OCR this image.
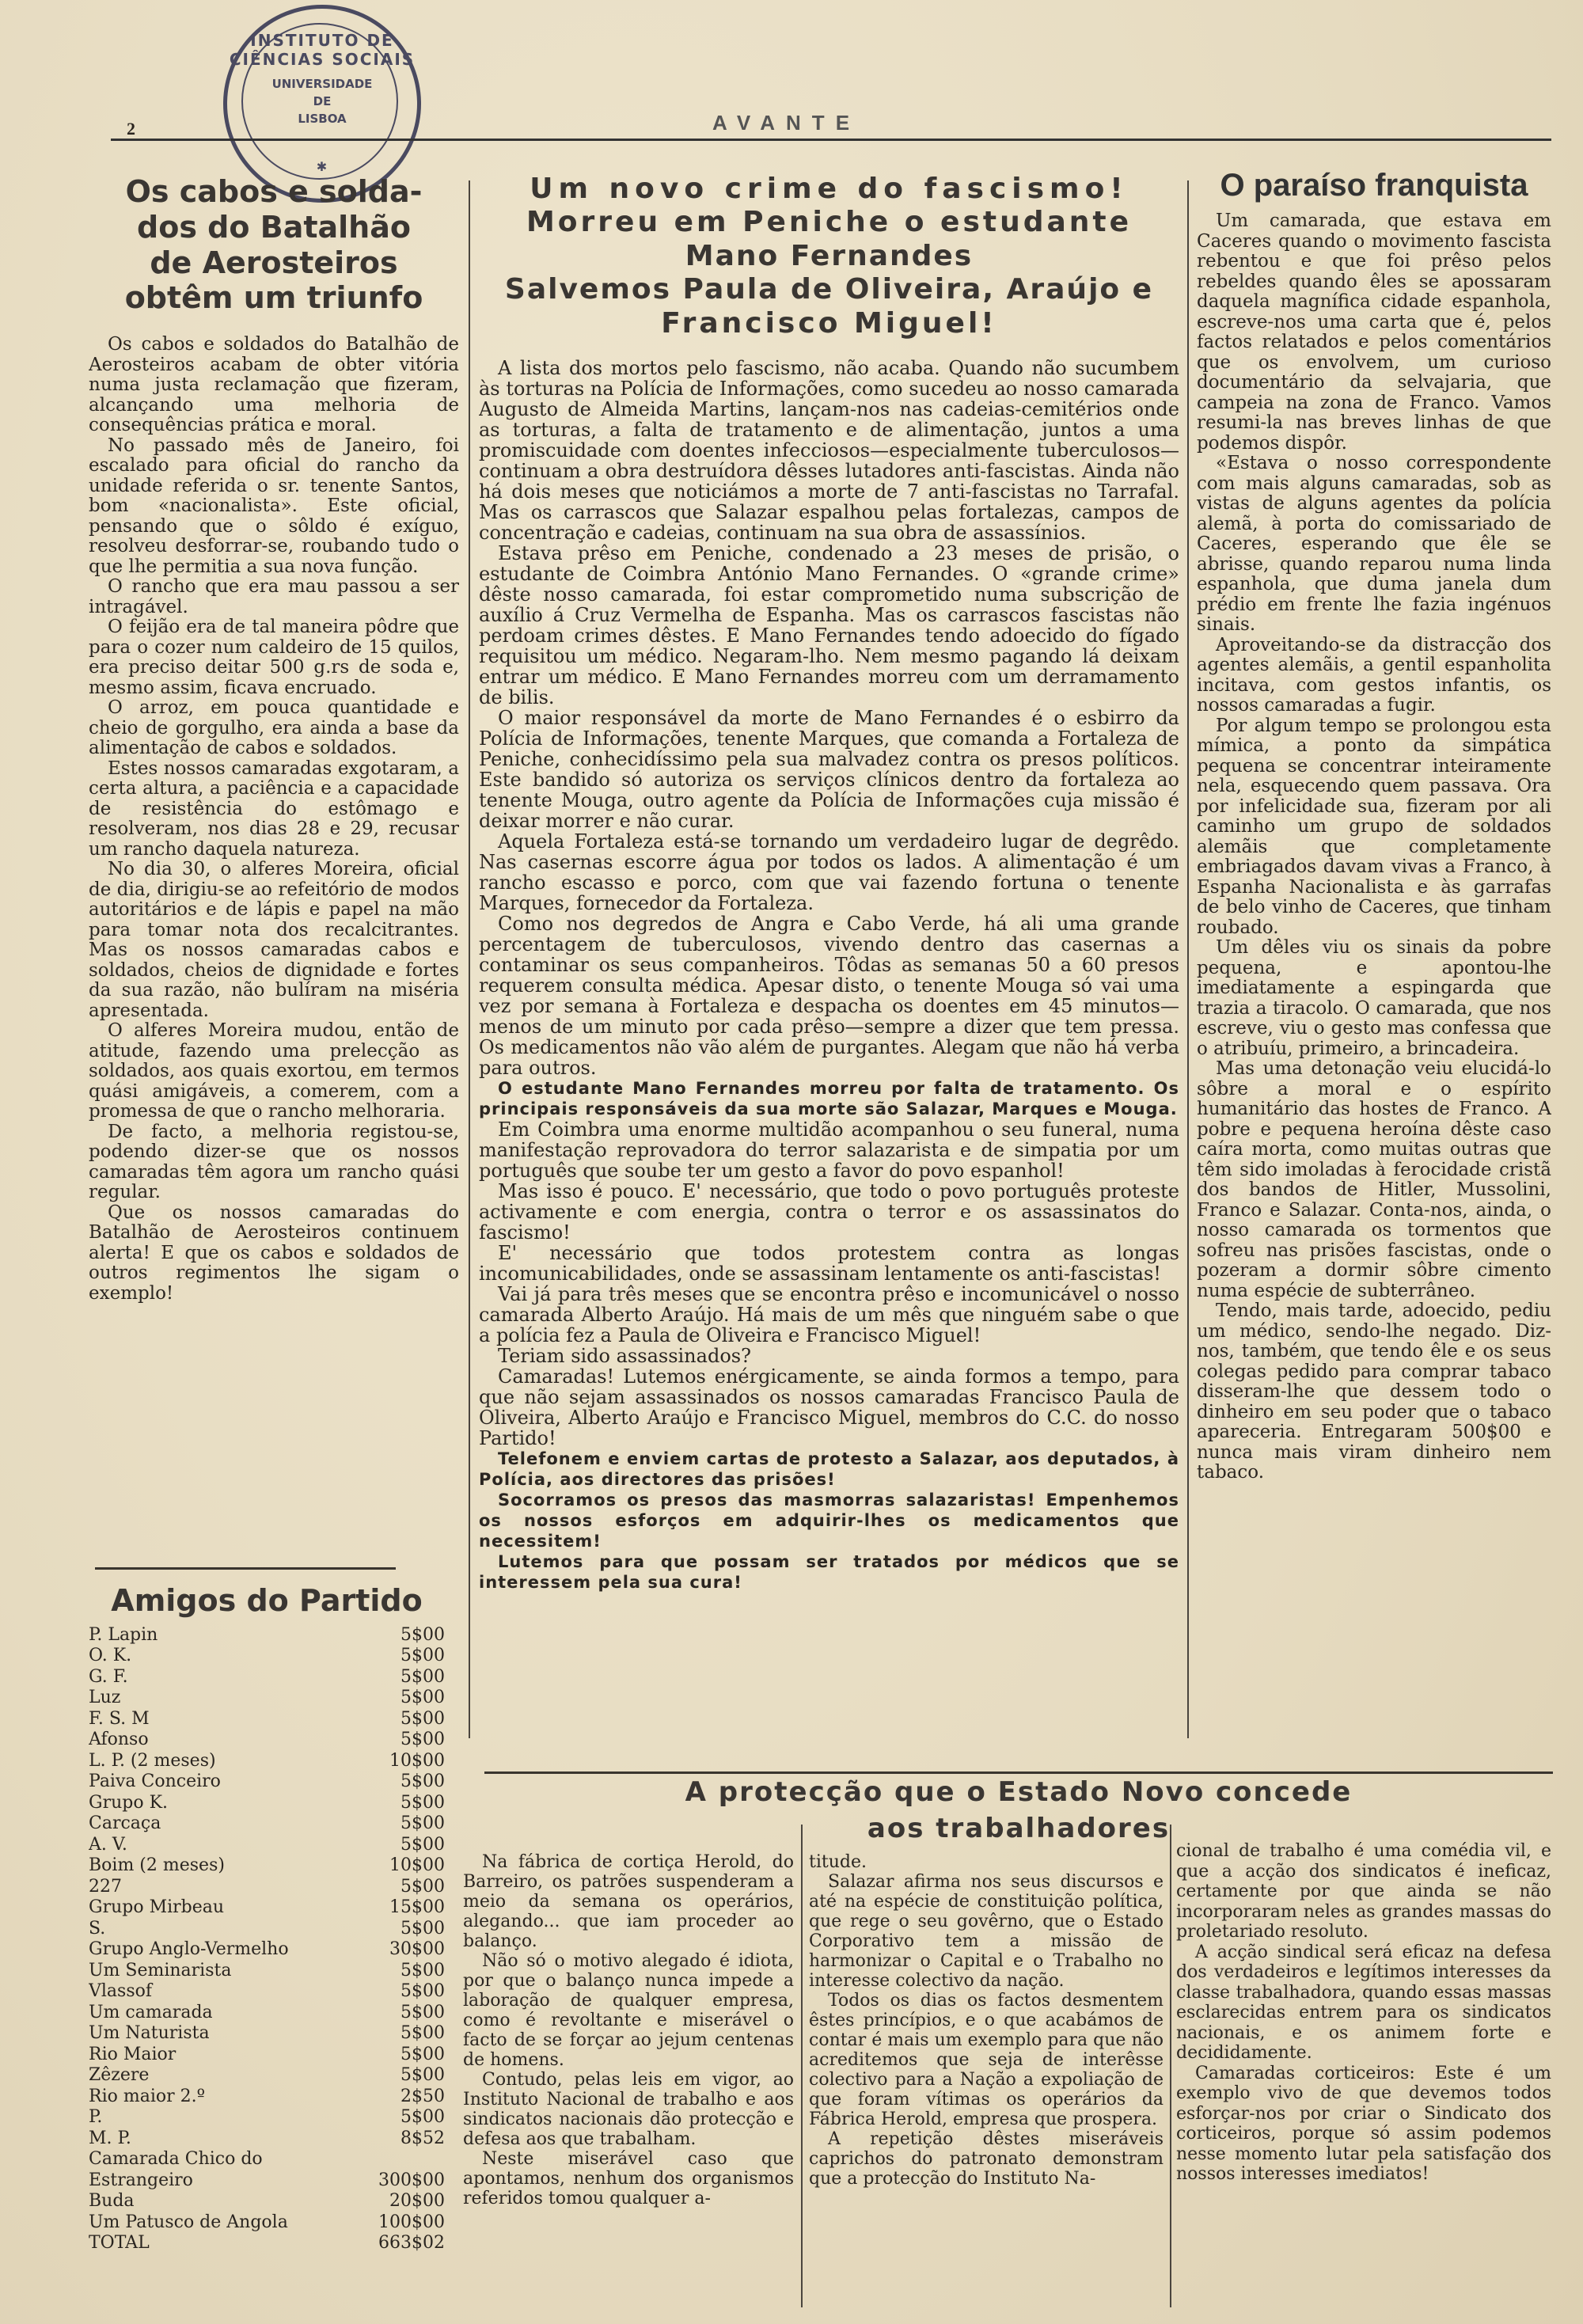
INSTITUTO DE CIÊNCIAS SOCIAIS
UNIVERSIDADE
DE
LISBOA
✱
2	AVANTE
Os cabos e solda-
dos do Batalhão
de Aerosteiros
obtêm um triunfo

Os cabos e soldados do Batalhão de Aerosteiros acabam de obter vitória numa justa reclamação que fizeram, alcançando uma melhoria de consequências prática e moral.

No passado mês de Janeiro, foi escalado para oficial do rancho da unidade referida o sr. tenente Santos, bom «nacionalista». Este oficial, pensando que o sôldo é exíguo, resolveu desforrar-se, roubando tudo o que lhe permitia a sua nova função.

O rancho que era mau passou a ser intragável.

O feijão era de tal maneira pôdre que para o cozer num caldeiro de 15 quilos, era preciso deitar 500 g.rs de soda e, mesmo assim, ficava encruado.

O arroz, em pouca quantidade e cheio de gorgulho, era ainda a base da alimentação de cabos e soldados.

Estes nossos camaradas exgotaram, a certa altura, a paciência e a capacidade de resistência do estômago e resolveram, nos dias 28 e 29, recusar um rancho daquela natureza.

No dia 30, o alferes Moreira, oficial de dia, dirigiu-se ao refeitório de modos autoritários e de lápis e papel na mão para tomar nota dos recalcitrantes. Mas os nossos camaradas cabos e soldados, cheios de dignidade e fortes da sua razão, não bulíram na miséria apresentada.

O alferes Moreira mudou, então de atitude, fazendo uma prelecção as soldados, aos quais exortou, em termos quási amigáveis, a comerem, com a promessa de que o rancho melhoraria.

De facto, a melhoria registou-se, podendo dizer-se que os nossos camaradas têm agora um rancho quási regular.

Que os nossos camaradas do Batalhão de Aerosteiros continuem alerta! E que os cabos e soldados de outros regimentos lhe sigam o exemplo!

Amigos do Partido
P. Lapin	5$00
O. K.	5$00
G. F.	5$00
Luz	5$00
F. S. M	5$00
Afonso	5$00
L. P. (2 meses)	10$00
Paiva Conceiro	5$00
Grupo K.	5$00
Carcaça	5$00
A. V.	5$00
Boim (2 meses)	10$00
227	5$00
Grupo Mirbeau	15$00
S.	5$00
Grupo Anglo-Vermelho	30$00
Um Seminarista	5$00
Vlassof	5$00
Um camarada	5$00
Um Naturista	5$00
Rio Maior	5$00
Zêzere	5$00
Rio maior 2.º	2$50
P.	5$00
M. P.	8$52
Camarada Chico do
Estrangeiro	300$00
Buda	20$00
Um Patusco de Angola	100$00
TOTAL	663$02
Um novo crime do fascismo!
Morreu em Peniche o estudante
Mano Fernandes
Salvemos Paula de Oliveira, Araújo e
Francisco Miguel!

A lista dos mortos pelo fascismo, não acaba. Quando não sucumbem às torturas na Polícia de Informações, como sucedeu ao nosso camarada Augusto de Almeida Martins, lançam-nos nas cadeias-cemitérios onde as torturas, a falta de tratamento e de alimentação, juntos a uma promiscuidade com doentes infecciosos—especialmente tuberculosos—continuam a obra destruídora dêsses lutadores anti-fascistas. Ainda não há dois meses que noticiámos a morte de 7 anti-fascistas no Tarrafal. Mas os carrascos que Salazar espalhou pelas fortalezas, campos de concentração e cadeias, continuam na sua obra de assassínios.

Estava prêso em Peniche, condenado a 23 meses de prisão, o estudante de Coimbra António Mano Fernandes. O «grande crime» dêste nosso camarada, foi estar comprometido numa subscrição de auxílio á Cruz Vermelha de Espanha. Mas os carrascos fascistas não perdoam crimes dêstes. E Mano Fernandes tendo adoecido do fígado requisitou um médico. Negaram-lho. Nem mesmo pagando lá deixam entrar um médico. E Mano Fernandes morreu com um derramamento de bilis.

O maior responsável da morte de Mano Fernandes é o esbirro da Polícia de Informações, tenente Marques, que comanda a Fortaleza de Peniche, conhecidíssimo pela sua malvadez contra os presos políticos. Este bandido só autoriza os serviços clínicos dentro da fortaleza ao tenente Mouga, outro agente da Polícia de Informações cuja missão é deixar morrer e não curar.

Aquela Fortaleza está-se tornando um verdadeiro lugar de degrêdo. Nas casernas escorre água por todos os lados. A alimentação é um rancho escasso e porco, com que vai fazendo fortuna o tenente Marques, fornecedor da Fortaleza.

Como nos degredos de Angra e Cabo Verde, há ali uma grande percentagem de tuberculosos, vivendo dentro das casernas a contaminar os seus companheiros. Tôdas as semanas 50 a 60 presos requerem consulta médica. Apesar disto, o tenente Mouga só vai uma vez por semana à Fortaleza e despacha os doentes em 45 minutos—menos de um minuto por cada prêso—sempre a dizer que tem pressa. Os medicamentos não vão além de purgantes. Alegam que não há verba para outros.

O estudante Mano Fernandes morreu por falta de tratamento. Os principais responsáveis da sua morte são Salazar, Marques e Mouga.

Em Coimbra uma enorme multidão acompanhou o seu funeral, numa manifestação reprovadora do terror salazarista e de simpatia por um português que soube ter um gesto a favor do povo espanhol!

Mas isso é pouco. E' necessário, que todo o povo português proteste activamente e com energia, contra o terror e os assassinatos do fascismo!

E' necessário que todos protestem contra as longas incomunicabilidades, onde se assassinam lentamente os anti-fascistas!

Vai já para três meses que se encontra prêso e incomunicável o nosso camarada Alberto Araújo. Há mais de um mês que ninguém sabe o que a polícia fez a Paula de Oliveira e Francisco Miguel!

Teriam sido assassinados?

Camaradas! Lutemos enérgicamente, se ainda formos a tempo, para que não sejam assassinados os nossos camaradas Francisco Paula de Oliveira, Alberto Araújo e Francisco Miguel, membros do C.C. do nosso Partido!

Telefonem e enviem cartas de protesto a Salazar, aos deputados, à Polícia, aos directores das prisões!

Socorramos os presos das masmorras salazaristas! Empenhemos os nossos esforços em adquirir-lhes os medicamentos que necessitem!

Lutemos para que possam ser tratados por médicos que se interessem pela sua cura!

O paraíso franquista

Um camarada, que estava em Caceres quando o movimento fascista rebentou e que foi prêso pelos rebeldes quando êles se apossaram daquela magnífica cidade espanhola, escreve-nos uma carta que é, pelos factos relatados e pelos comentários que os envolvem, um curioso documentário da selvajaria, que campeia na zona de Franco. Vamos resumi-la nas breves linhas de que podemos dispôr.

«Estava o nosso correspondente com mais alguns camaradas, sob as vistas de alguns agentes da polícia alemã, à porta do comissariado de Caceres, esperando que êle se abrisse, quando reparou numa linda espanhola, que duma janela dum prédio em frente lhe fazia ingénuos sinais.

Aproveitando-se da distracção dos agentes alemãis, a gentil espanholita incitava, com gestos infantis, os nossos camaradas a fugir.

Por algum tempo se prolongou esta mímica, a ponto da simpática pequena se concentrar inteiramente nela, esquecendo quem passava. Ora por infelicidade sua, fizeram por ali caminho um grupo de soldados alemãis que completamente embriagados davam vivas a Franco, à Espanha Nacionalista e às garrafas de belo vinho de Caceres, que tinham roubado.

Um dêles viu os sinais da pobre pequena, e apontou-lhe imediatamente a espingarda que trazia a tiracolo. O camarada, que nos escreve, viu o gesto mas confessa que o atribuíu, primeiro, a brincadeira.

Mas uma detonação veiu elucidá-lo sôbre a moral e o espírito humanitário das hostes de Franco. A pobre e pequena heroína dêste caso caíra morta, como muitas outras que têm sido imoladas à ferocidade cristã dos bandos de Hitler, Mussolini, Franco e Salazar. Conta-nos, ainda, o nosso camarada os tormentos que sofreu nas prisões fascistas, onde o pozeram a dormir sôbre cimento numa espécie de subterrâneo.

Tendo, mais tarde, adoecido, pediu um médico, sendo-lhe negado. Diz-nos, também, que tendo êle e os seus colegas pedido para comprar tabaco disseram-lhe que dessem todo o dinheiro em seu poder que o tabaco apareceria. Entregaram 500$00 e nunca mais viram dinheiro nem tabaco.

A protecção que o Estado Novo concede
aos trabalhadores

Na fábrica de cortiça Herold, do Barreiro, os patrões suspenderam a meio da semana os operários, alegando... que iam proceder ao balanço.

Não só o motivo alegado é idiota, por que o balanço nunca impede a laboração de qualquer empresa, como é revoltante e miserável o facto de se forçar ao jejum centenas de homens.

Contudo, pelas leis em vigor, ao Instituto Nacional de trabalho e aos sindicatos nacionais dão protecção e defesa aos que trabalham.

Neste miserável caso que apontamos, nenhum dos organismos referidos tomou qualquer a-

titude.

Salazar afirma nos seus discursos e até na espécie de constituição política, que rege o seu govêrno, que o Estado Corporativo tem a missão de harmonizar o Capital e o Trabalho no interesse colectivo da nação.

Todos os dias os factos desmentem êstes princípios, e o que acabámos de contar é mais um exemplo para que não acreditemos que seja de interêsse colectivo para a Nação a expoliação de que foram vítimas os operários da Fábrica Herold, empresa que prospera.

A repetição dêstes miseráveis caprichos do patronato demonstram que a protecção do Instituto Na-

cional de trabalho é uma comédia vil, e que a acção dos sindicatos é ineficaz, certamente por que ainda se não incorporaram neles as grandes massas do proletariado resoluto.

A acção sindical será eficaz na defesa dos verdadeiros e legítimos interesses da classe trabalhadora, quando essas massas esclarecidas entrem para os sindicatos nacionais, e os animem forte e decididamente.

Camaradas corticeiros: Este é um exemplo vivo de que devemos todos esforçar-nos por criar o Sindicato dos corticeiros, porque só assim podemos nesse momento lutar pela satisfação dos nossos interesses imediatos!
